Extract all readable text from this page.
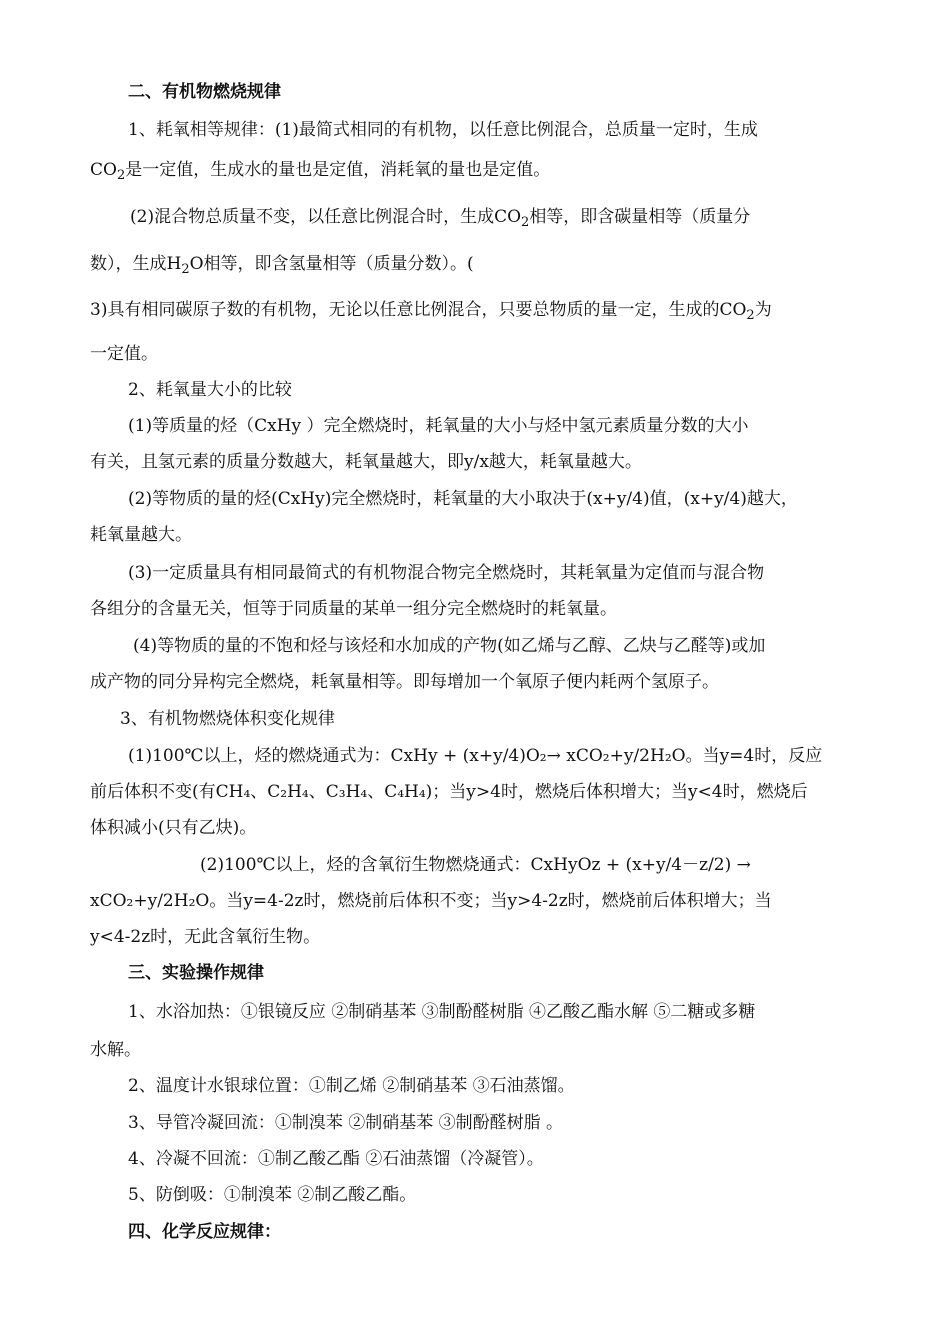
二、有机物燃烧规律
1、耗氧相等规律：(1)最简式相同的有机物，以任意比例混合，总质量一定时，生成
$CO_2$是一定值，生成水的量也是定值，消耗氧的量也是定值。
(2)混合物总质量不变，以任意比例混合时，生成$CO_2$相等，即含碳量相等（质量分
数），生成$H_2O$相等，即含氢量相等（质量分数）。(
3)具有相同碳原子数的有机物，无论以任意比例混合，只要总物质的量一定，生成的$CO_2$为
一定值。
2、耗氧量大小的比较
(1)等质量的烃（CxHy ）完全燃烧时，耗氧量的大小与烃中氢元素质量分数的大小
有关，且氢元素的质量分数越大，耗氧量越大，即y/x越大，耗氧量越大。
(2)等物质的量的烃(CxHy)完全燃烧时，耗氧量的大小取决于(x+y/4)值，(x+y/4)越大，
耗氧量越大。
(3)一定质量具有相同最简式的有机物混合物完全燃烧时，其耗氧量为定值而与混合物
各组分的含量无关，恒等于同质量的某单一组分完全燃烧时的耗氧量。
(4)等物质的量的不饱和烃与该烃和水加成的产物(如乙烯与乙醇、乙炔与乙醛等)或加
成产物的同分异构完全燃烧，耗氧量相等。即每增加一个氧原子便内耗两个氢原子。
3、有机物燃烧体积变化规律
(1)100℃以上，烃的燃烧通式为：CxHy + (x+y/4)O₂→ xCO₂+y/2H₂O。当y=4时，反应
前后体积不变(有CH₄、C₂H₄、C₃H₄、C₄H₄)；当y>4时，燃烧后体积增大；当y<4时，燃烧后
体积减小(只有乙炔)。
(2)100℃以上，烃的含氧衍生物燃烧通式：CxHyOz + (x+y/4－z/2) →
xCO₂+y/2H₂O。当y=4-2z时，燃烧前后体积不变；当y>4-2z时，燃烧前后体积增大；当
y<4-2z时，无此含氧衍生物。
三、实验操作规律
1、水浴加热：①银镜反应 ②制硝基苯 ③制酚醛树脂 ④乙酸乙酯水解 ⑤二糖或多糖
水解。
2、温度计水银球位置：①制乙烯 ②制硝基苯 ③石油蒸馏。
3、导管冷凝回流：①制溴苯 ②制硝基苯 ③制酚醛树脂 。
4、冷凝不回流：①制乙酸乙酯 ②石油蒸馏（冷凝管）。
5、防倒吸：①制溴苯 ②制乙酸乙酯。
四、化学反应规律：
